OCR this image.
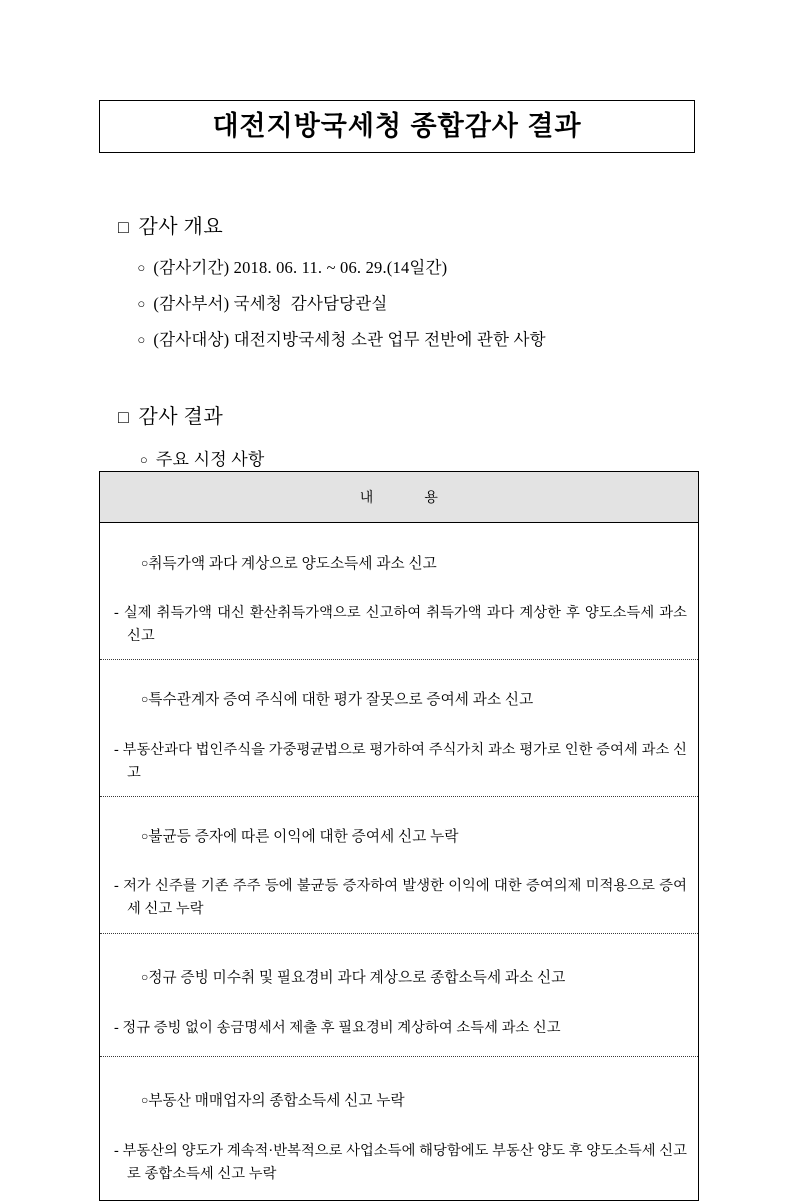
대전지방국세청 종합감사 결과

□ 감사 개요

○ (감사기간) 2018. 06. 11. ~ 06. 29.(14일간)

○ (감사부서) 국세청  감사담당관실

○ (감사대상) 대전지방국세청 소관 업무 전반에 관한 사항

□ 감사 결과

○ 주요 시정 사항

내             용

○취득가액 과다 계상으로 양도소득세 과소 신고

- 실제 취득가액 대신 환산취득가액으로 신고하여 취득가액 과다 계상한 후 양도소득세 과소 신고

○특수관계자 증여 주식에 대한 평가 잘못으로 증여세 과소 신고

- 부동산과다 법인주식을 가중평균법으로 평가하여 주식가치 과소 평가로 인한 증여세 과소 신고

○불균등 증자에 따른 이익에 대한 증여세 신고 누락

- 저가 신주를 기존 주주 등에 불균등 증자하여 발생한 이익에 대한 증여의제 미적용으로 증여세 신고 누락

○정규 증빙 미수취 및 필요경비 과다 계상으로 종합소득세 과소 신고

- 정규 증빙 없이 송금명세서 제출 후 필요경비 계상하여 소득세 과소 신고

○부동산 매매업자의 종합소득세 신고 누락

- 부동산의 양도가 계속적·반복적으로 사업소득에 해당함에도 부동산 양도 후 양도소득세 신고로 종합소득세 신고 누락
